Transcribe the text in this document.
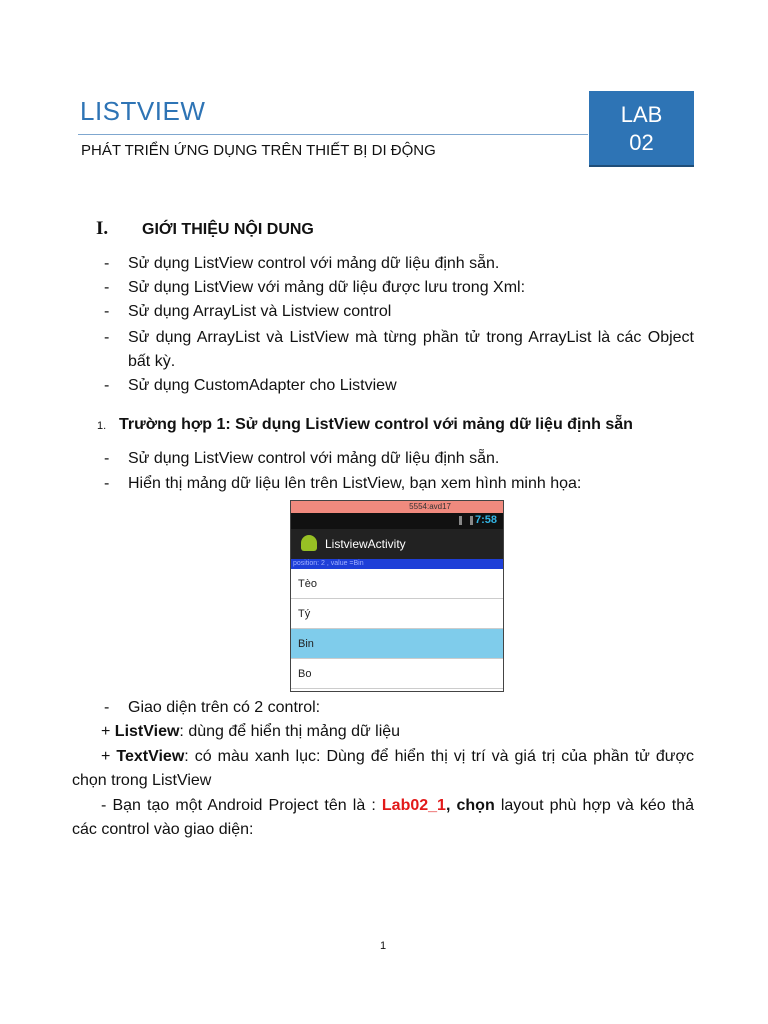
LISTVIEW
PHÁT TRIỂN ỨNG DỤNG TRÊN THIẾT BỊ DI ĐỘNG
LAB
02
I. GIỚI THIỆU NỘI DUNG
- Sử dụng ListView control với mảng dữ liệu định sẵn.
- Sử dụng ListView với mảng dữ liệu được lưu trong Xml:
- Sử dụng ArrayList và Listview control
- Sử dụng ArrayList và ListView mà từng phần tử trong ArrayList là các Object bất kỳ.
- Sử dụng CustomAdapter cho Listview
1. Trường hợp 1: Sử dụng ListView control với mảng dữ liệu định sẵn
- Sử dụng ListView control với mảng dữ liệu định sẵn.
- Hiển thị mảng dữ liệu lên trên ListView, bạn xem hình minh họa:
5554:avd17
7:58
ListviewActivity
position: 2 , value =Bin
Tèo
Tý
Bin
Bo
- Giao diện trên có 2 control:
+ ListView: dùng để hiển thị mảng dữ liệu
+ TextView: có màu xanh lục: Dùng để hiển thị vị trí và giá trị của phần tử được chọn trong ListView
- Bạn tạo một Android Project tên là : Lab02_1, chọn layout phù hợp và kéo thả các control vào giao diện:
1
